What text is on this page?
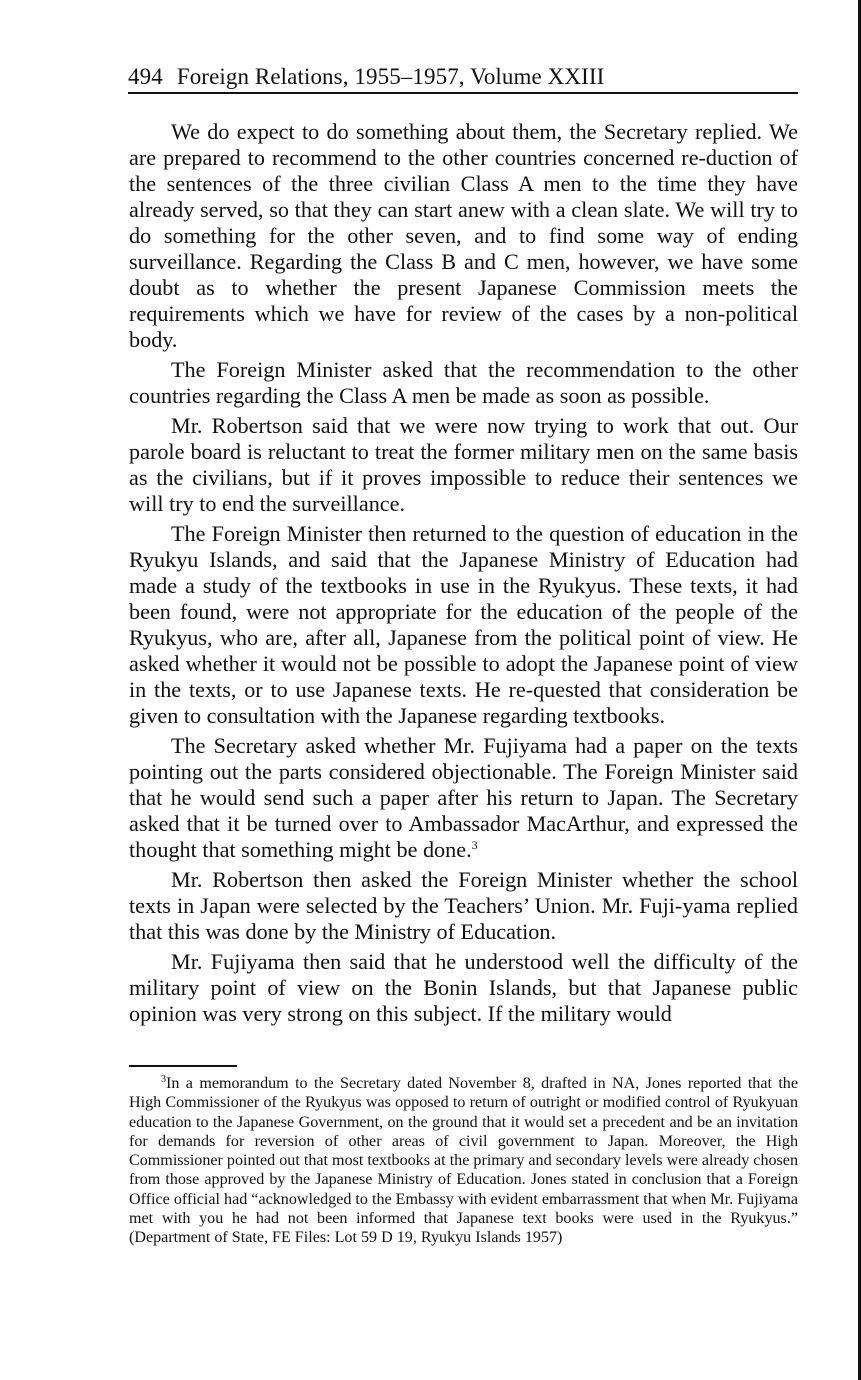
494 Foreign Relations, 1955–1957, Volume XXIII

We do expect to do something about them, the Secretary replied. We are prepared to recommend to the other countries concerned re-duction of the sentences of the three civilian Class A men to the time they have already served, so that they can start anew with a clean slate. We will try to do something for the other seven, and to find some way of ending surveillance. Regarding the Class B and C men, however, we have some doubt as to whether the present Japanese Commission meets the requirements which we have for review of the cases by a non-political body.

The Foreign Minister asked that the recommendation to the other countries regarding the Class A men be made as soon as possible.

Mr. Robertson said that we were now trying to work that out. Our parole board is reluctant to treat the former military men on the same basis as the civilians, but if it proves impossible to reduce their sentences we will try to end the surveillance.

The Foreign Minister then returned to the question of education in the Ryukyu Islands, and said that the Japanese Ministry of Education had made a study of the textbooks in use in the Ryukyus. These texts, it had been found, were not appropriate for the education of the people of the Ryukyus, who are, after all, Japanese from the political point of view. He asked whether it would not be possible to adopt the Japanese point of view in the texts, or to use Japanese texts. He re-quested that consideration be given to consultation with the Japanese regarding textbooks.

The Secretary asked whether Mr. Fujiyama had a paper on the texts pointing out the parts considered objectionable. The Foreign Minister said that he would send such a paper after his return to Japan. The Secretary asked that it be turned over to Ambassador MacArthur, and expressed the thought that something might be done.$^3$

Mr. Robertson then asked the Foreign Minister whether the school texts in Japan were selected by the Teachers’ Union. Mr. Fuji-yama replied that this was done by the Ministry of Education.

Mr. Fujiyama then said that he understood well the difficulty of the military point of view on the Bonin Islands, but that Japanese public opinion was very strong on this subject. If the military would

$^3$In a memorandum to the Secretary dated November 8, drafted in NA, Jones reported that the High Commissioner of the Ryukyus was opposed to return of outright or modified control of Ryukyuan education to the Japanese Government, on the ground that it would set a precedent and be an invitation for demands for reversion of other areas of civil government to Japan. Moreover, the High Commissioner pointed out that most textbooks at the primary and secondary levels were already chosen from those approved by the Japanese Ministry of Education. Jones stated in conclusion that a Foreign Office official had “acknowledged to the Embassy with evident embarrassment that when Mr. Fujiyama met with you he had not been informed that Japanese text books were used in the Ryukyus.” (Department of State, FE Files: Lot 59 D 19, Ryukyu Islands 1957)
